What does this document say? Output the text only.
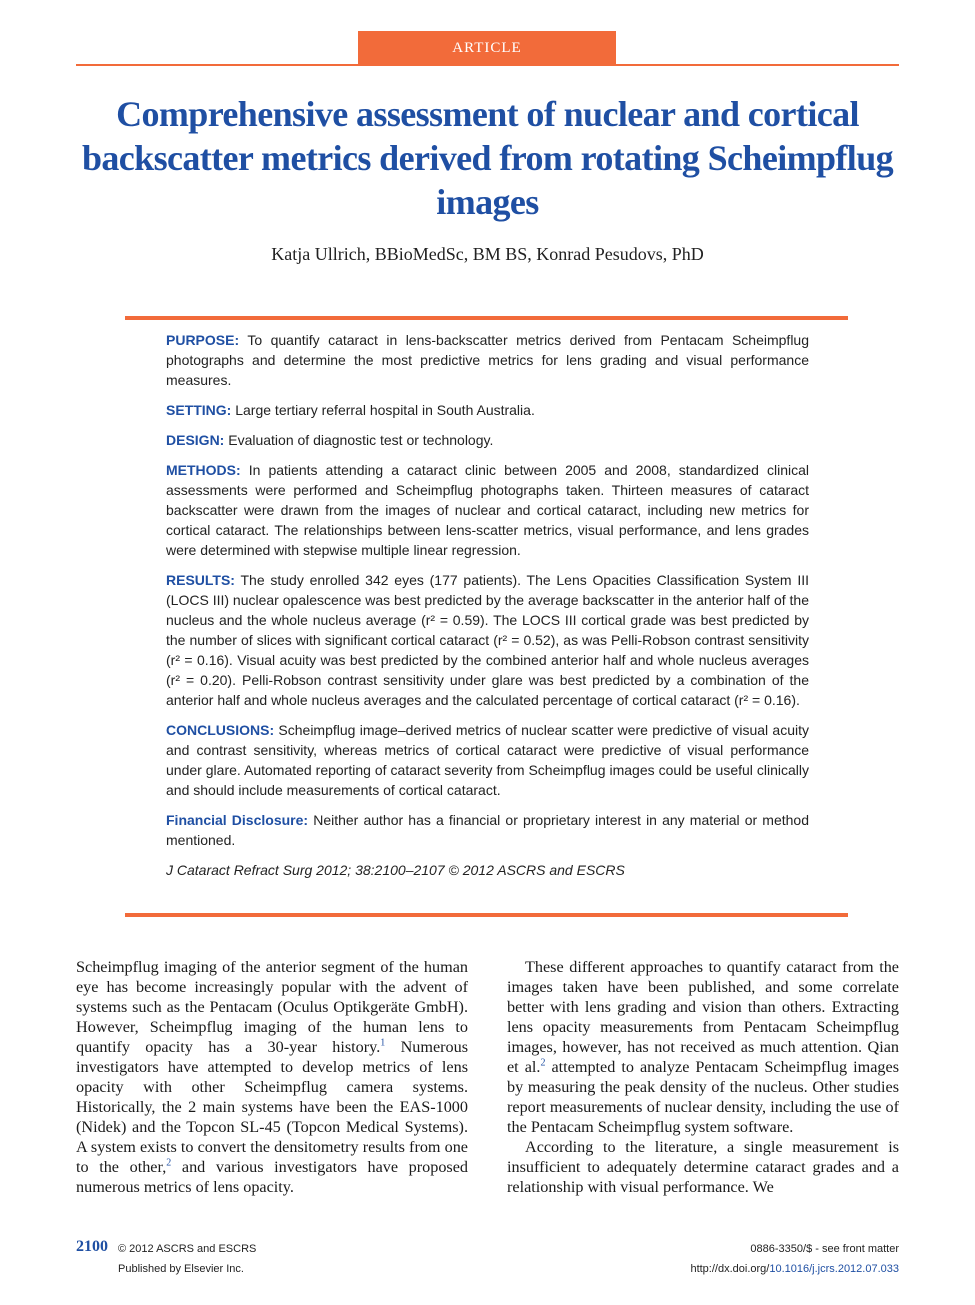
ARTICLE
Comprehensive assessment of nuclear and cortical backscatter metrics derived from rotating Scheimpflug images
Katja Ullrich, BBioMedSc, BM BS, Konrad Pesudovs, PhD

PURPOSE: To quantify cataract in lens-backscatter metrics derived from Pentacam Scheimpflug photographs and determine the most predictive metrics for lens grading and visual performance measures.

SETTING: Large tertiary referral hospital in South Australia.

DESIGN: Evaluation of diagnostic test or technology.

METHODS: In patients attending a cataract clinic between 2005 and 2008, standardized clinical assessments were performed and Scheimpflug photographs taken. Thirteen measures of cataract backscatter were drawn from the images of nuclear and cortical cataract, including new metrics for cortical cataract. The relationships between lens-scatter metrics, visual performance, and lens grades were determined with stepwise multiple linear regression.

RESULTS: The study enrolled 342 eyes (177 patients). The Lens Opacities Classification System III (LOCS III) nuclear opalescence was best predicted by the average backscatter in the anterior half of the nucleus and the whole nucleus average (r² = 0.59). The LOCS III cortical grade was best predicted by the number of slices with significant cortical cataract (r² = 0.52), as was Pelli-Robson contrast sensitivity (r² = 0.16). Visual acuity was best predicted by the combined anterior half and whole nucleus averages (r² = 0.20). Pelli-Robson contrast sensitivity under glare was best predicted by a combination of the anterior half and whole nucleus averages and the calculated percentage of cortical cataract (r² = 0.16).

CONCLUSIONS: Scheimpflug image–derived metrics of nuclear scatter were predictive of visual acuity and contrast sensitivity, whereas metrics of cortical cataract were predictive of visual performance under glare. Automated reporting of cataract severity from Scheimpflug images could be useful clinically and should include measurements of cortical cataract.

Financial Disclosure: Neither author has a financial or proprietary interest in any material or method mentioned.

J Cataract Refract Surg 2012; 38:2100–2107 © 2012 ASCRS and ESCRS

Scheimpflug imaging of the anterior segment of the human eye has become increasingly popular with the advent of systems such as the Pentacam (Oculus Optikgeräte GmbH). However, Scheimpflug imaging of the human lens to quantify opacity has a 30-year history.$^1$ Numerous investigators have attempted to develop metrics of lens opacity with other Scheimpflug camera systems. Historically, the 2 main systems have been the EAS-1000 (Nidek) and the Topcon SL-45 (Topcon Medical Systems). A system exists to convert the densitometry results from one to the other,$^2$ and various investigators have proposed numerous metrics of lens opacity.

These different approaches to quantify cataract from the images taken have been published, and some correlate better with lens grading and vision than others. Extracting lens opacity measurements from Pentacam Scheimpflug images, however, has not received as much attention. Qian et al.$^2$ attempted to analyze Pentacam Scheimpflug images by measuring the peak density of the nucleus. Other studies report measurements of nuclear density, including the use of the Pentacam Scheimpflug system software.

According to the literature, a single measurement is insufficient to adequately determine cataract grades and a relationship with visual performance. We

2100 © 2012 ASCRS and ESCRS	0886-3350/$ - see front matter
Published by Elsevier Inc.	http://dx.doi.org/10.1016/j.jcrs.2012.07.033
